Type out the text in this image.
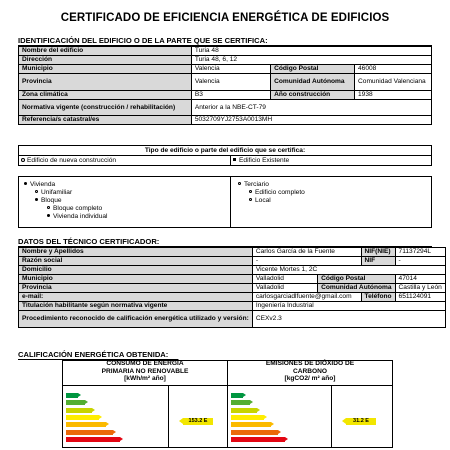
CERTIFICADO DE EFICIENCIA ENERGÉTICA DE EDIFICIOS
IDENTIFICACIÓN DEL EDIFICIO O DE LA PARTE QUE SE CERTIFICA:
Nombre del edificio	Turia 48		
Dirección	Turia 48, 6, 12		
Municipio	Valencia	Código Postal	46008
Provincia	Valencia	Comunidad Autónoma	Comunidad Valenciana
Zona climática	B3	Año construcción	1938
Normativa vigente (construcción / rehabilitación)	Anterior a la NBE-CT-79		
Referencia/s catastral/es	5032709YJ2753A0013MH		
Tipo de edificio o parte del edificio que se certifica:
Edificio de nueva construcción	Edificio Existente
Vivienda
Unifamiliar
Bloque
Bloque completo
Vivienda individual
Terciario
Edificio completo
Local
DATOS DEL TÉCNICO CERTIFICADOR:
Nombre y Apellidos	Carlos García de la Fuente		NIF(NIE)	71137294L
Razón social	-		NIF	-
Domicilio	Vicente Mortes 1, 2C			
Municipio	Valladolid	Código Postal		47014
Provincia	Valladolid	Comunidad Autónoma		Castilla y León
e-mail:	carlosgarciadlfuente@gmail.com		Teléfono	651124091
Titulación habilitante según normativa vigente	Ingeniería Industrial			
Procedimiento reconocido de calificación energética utilizado y versión:	CEXv2.3			
CALIFICACIÓN ENERGÉTICA OBTENIDA:
CONSUMO DE ENERGÍA
PRIMARIA NO RENOVABLE
[kWh/m² año]
EMISIONES DE DIÓXIDO DE
CARBONO
[kgCO2/ m² año]
153.2 E	31.2 E
